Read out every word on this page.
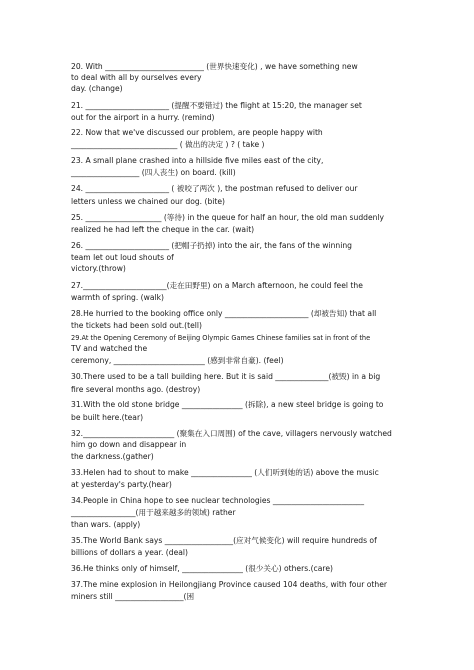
20. With __________________________ (世界快速变化) , we have something new
to deal with all by ourselves every
day. (change)
21. ______________________ (提醒不要错过) the flight at 15:20, the manager set
out for the airport in a hurry. (remind)
22. Now that we've discussed our problem, are people happy with
____________________________ ( 做出的决定 ) ? ( take )
23. A small plane crashed into a hillside five miles east of the city,
__________________ (四人丧生) on board. (kill)
24. ______________________ ( 被咬了两次 ), the postman refused to deliver our
letters unless we chained our dog. (bite)
25. ____________________ (等待) in the queue for half an hour, the old man suddenly
realized he had left the cheque in the car. (wait)
26. ______________________ (把帽子扔掉) into the air, the fans of the winning
team let out loud shouts of
victory.(throw)
27.______________________(走在田野里) on a March afternoon, he could feel the
warmth of spring. (walk)
28.He hurried to the booking office only ______________________ (却被告知) that all
the tickets had been sold out.(tell)
29.At the Opening Ceremony of Beijing Olympic Games Chinese families sat in front of the
TV and watched the
ceremony, ________________________ (感到非常自豪). (feel)
30.There used to be a tall building here. But it is said ______________(被毁) in a big
fire several months ago. (destroy)
31.With the old stone bridge ________________ (拆除), a new steel bridge is going to
be built here.(tear)
32.________________________ (聚集在入口周围) of the cave, villagers nervously watched
him go down and disappear in
the darkness.(gather)
33.Helen had to shout to make ________________ (人们听到她的话) above the music
at yesterday's party.(hear)
34.People in China hope to see nuclear technologies ________________________
_________________(用于越来越多的领域) rather
than wars. (apply)
35.The World Bank says __________________(应对气候变化) will require hundreds of
billions of dollars a year. (deal)
36.He thinks only of himself, ________________ (很少关心) others.(care)
37.The mine explosion in Heilongjiang Province caused 104 deaths, with four other
miners still __________________(困
